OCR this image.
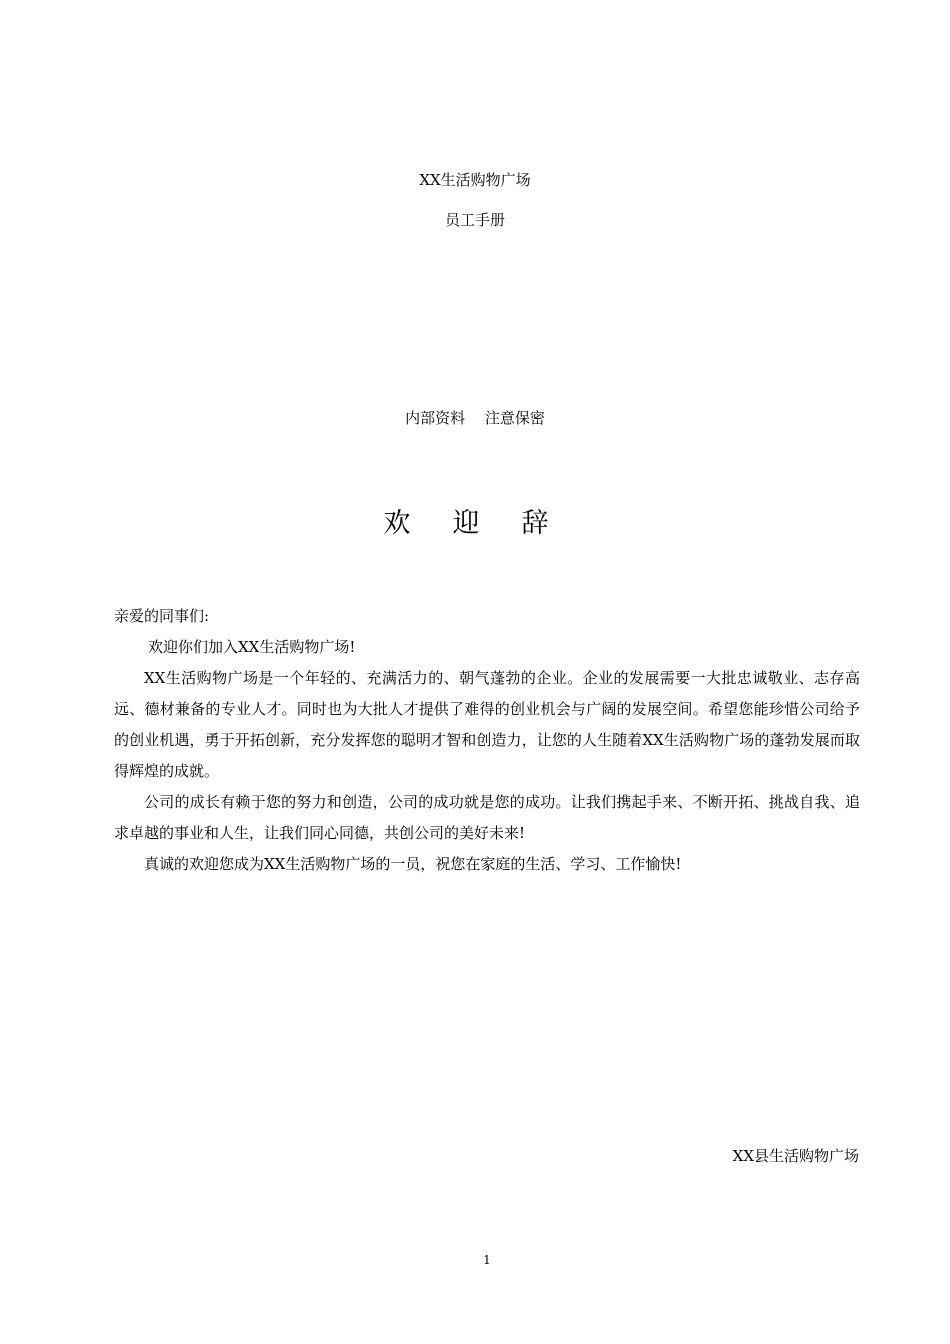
XX生活购物广场
员工手册
内部资料　 注意保密
欢迎辞

亲爱的同事们:

欢迎你们加入XX生活购物广场!

XX生活购物广场是一个年轻的、充满活力的、朝气蓬勃的企业。企业的发展需要一大批忠诚敬业、志存高远、德材兼备的专业人才。同时也为大批人才提供了难得的创业机会与广阔的发展空间。希望您能珍惜公司给予的创业机遇，勇于开拓创新，充分发挥您的聪明才智和创造力，让您的人生随着XX生活购物广场的蓬勃发展而取得辉煌的成就。

公司的成长有赖于您的努力和创造，公司的成功就是您的成功。让我们携起手来、不断开拓、挑战自我、追求卓越的事业和人生，让我们同心同德，共创公司的美好未来!

真诚的欢迎您成为XX生活购物广场的一员，祝您在家庭的生活、学习、工作愉快!

XX县生活购物广场
1
